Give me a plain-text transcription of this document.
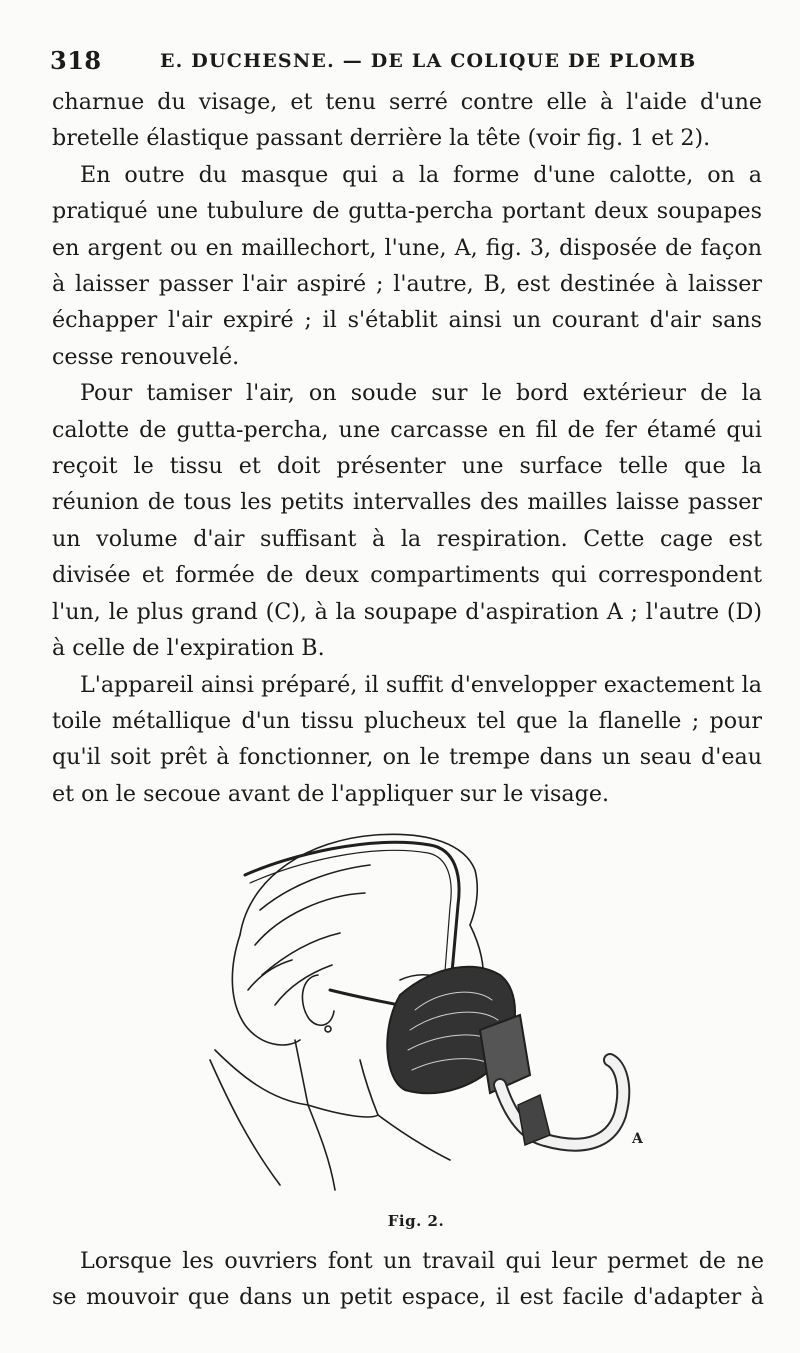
318	E. DUCHESNE. — DE LA COLIQUE DE PLOMB

charnue du visage, et tenu serré contre elle à l'aide d'une bretelle élastique passant derrière la tête (voir fig. 1 et 2).

En outre du masque qui a la forme d'une calotte, on a pratiqué une tubulure de gutta-percha portant deux soupapes en argent ou en maillechort, l'une, A, fig. 3, disposée de façon à laisser passer l'air aspiré ; l'autre, B, est destinée à laisser échapper l'air expiré ; il s'établit ainsi un courant d'air sans cesse renouvelé.

Pour tamiser l'air, on soude sur le bord extérieur de la calotte de gutta-percha, une carcasse en fil de fer étamé qui reçoit le tissu et doit présenter une surface telle que la réunion de tous les petits intervalles des mailles laisse passer un volume d'air suffisant à la respiration. Cette cage est divisée et formée de deux compartiments qui correspondent l'un, le plus grand (C), à la soupape d'aspiration A ; l'autre (D) à celle de l'expiration B.

L'appareil ainsi préparé, il suffit d'envelopper exactement la toile métallique d'un tissu plucheux tel que la flanelle ; pour qu'il soit prêt à fonctionner, on le trempe dans un seau d'eau et on le secoue avant de l'appliquer sur le visage.

A
Fig. 2.

Lorsque les ouvriers font un travail qui leur permet de ne
se mouvoir que dans un petit espace, il est facile d'adapter à
